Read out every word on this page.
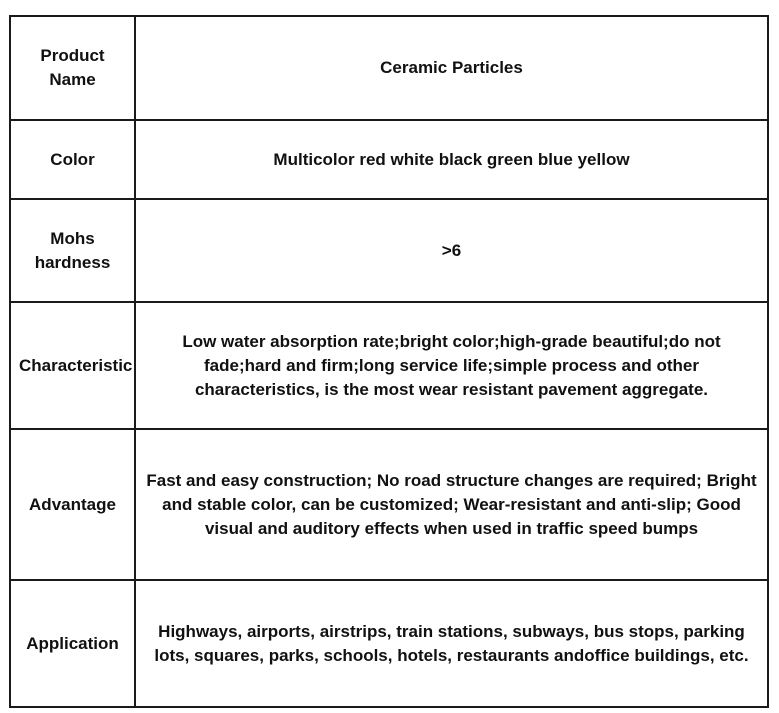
Product Name	Ceramic Particles
Color	Multicolor red white black green blue yellow
Mohs hardness	>6
Characteristic	Low water absorption rate;bright color;high-grade beautiful;do not fade;hard and firm;long service life;simple process and other characteristics, is the most wear resistant pavement aggregate.
Advantage	Fast and easy construction; No road structure changes are required; Bright and stable color, can be customized; Wear-resistant and anti-slip; Good visual and auditory effects when used in traffic speed bumps
Application	Highways, airports, airstrips, train stations, subways, bus stops, parking lots, squares, parks, schools, hotels, restaurants andoffice buildings, etc.
